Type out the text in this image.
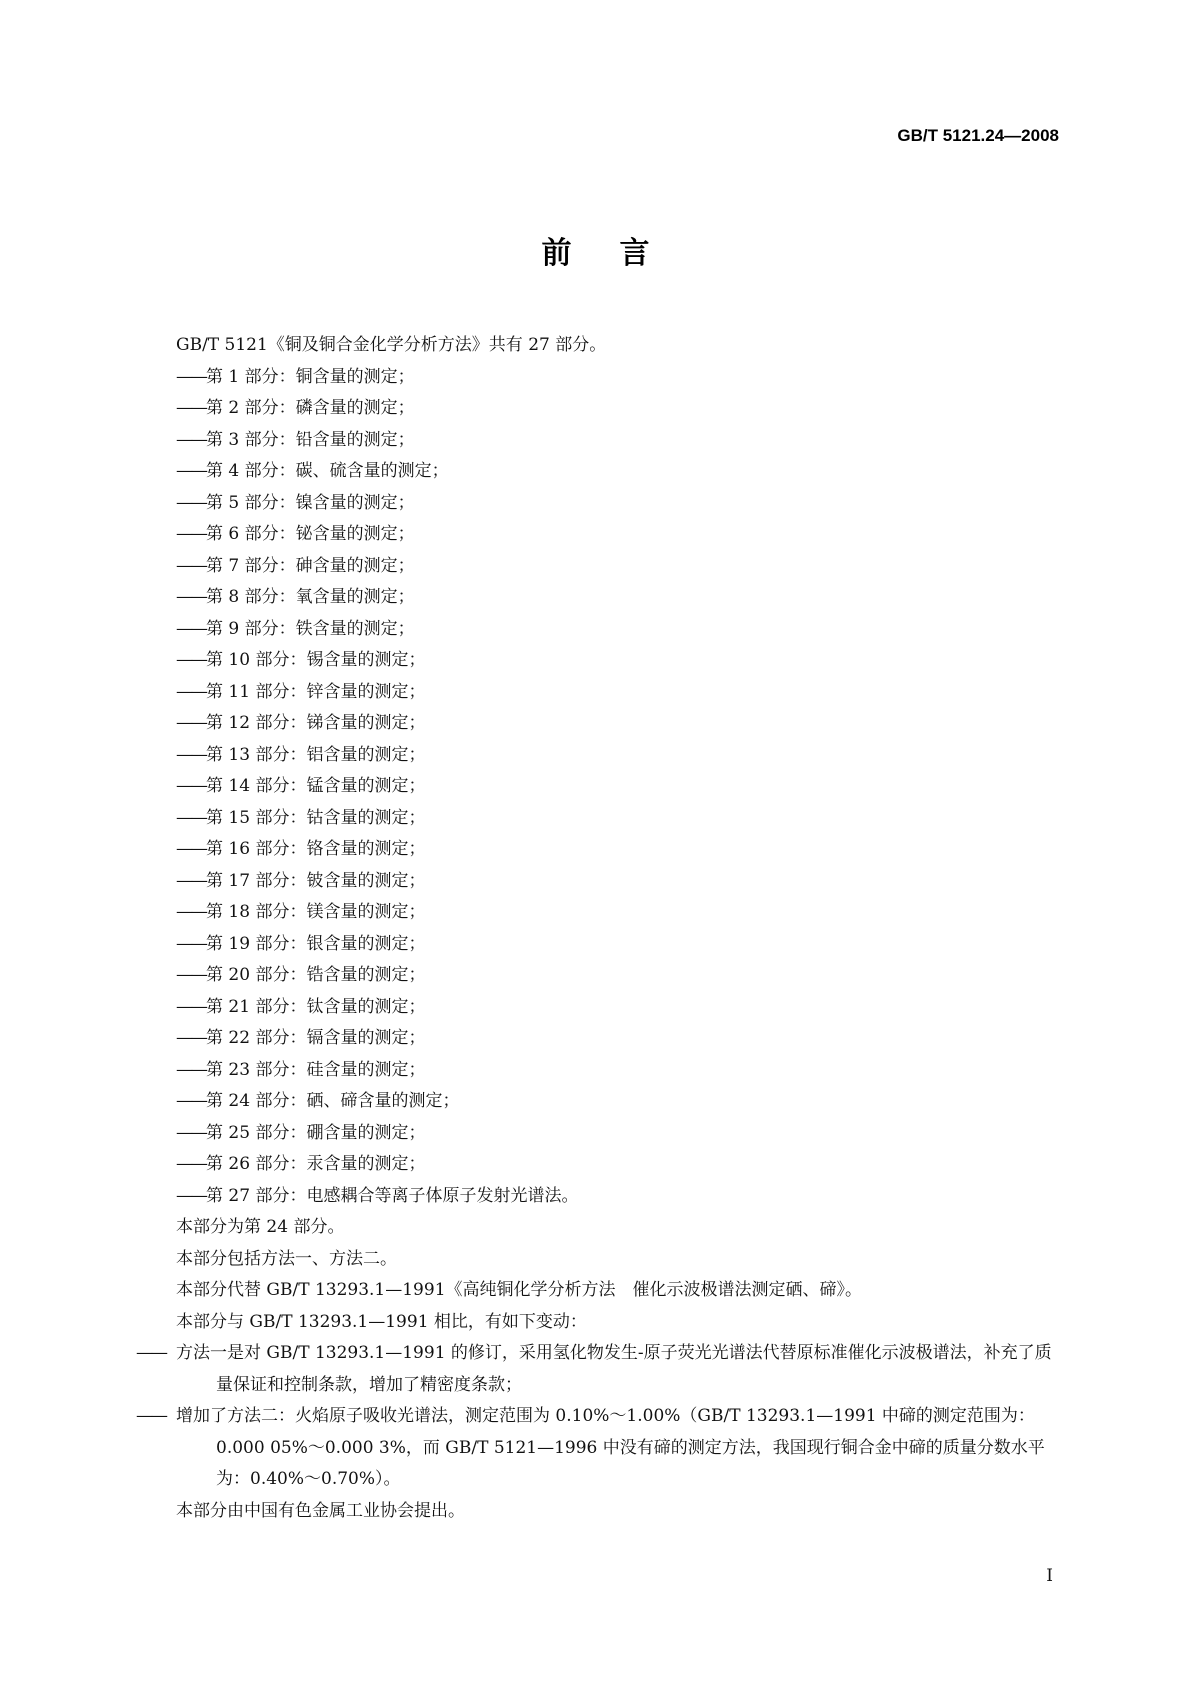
GB/T 5121.24—2008
前言
GB/T 5121《铜及铜合金化学分析方法》共有 27 部分。
——第 1 部分：铜含量的测定；
——第 2 部分：磷含量的测定；
——第 3 部分：铅含量的测定；
——第 4 部分：碳、硫含量的测定；
——第 5 部分：镍含量的测定；
——第 6 部分：铋含量的测定；
——第 7 部分：砷含量的测定；
——第 8 部分：氧含量的测定；
——第 9 部分：铁含量的测定；
——第 10 部分：锡含量的测定；
——第 11 部分：锌含量的测定；
——第 12 部分：锑含量的测定；
——第 13 部分：铝含量的测定；
——第 14 部分：锰含量的测定；
——第 15 部分：钴含量的测定；
——第 16 部分：铬含量的测定；
——第 17 部分：铍含量的测定；
——第 18 部分：镁含量的测定；
——第 19 部分：银含量的测定；
——第 20 部分：锆含量的测定；
——第 21 部分：钛含量的测定；
——第 22 部分：镉含量的测定；
——第 23 部分：硅含量的测定；
——第 24 部分：硒、碲含量的测定；
——第 25 部分：硼含量的测定；
——第 26 部分：汞含量的测定；
——第 27 部分：电感耦合等离子体原子发射光谱法。
本部分为第 24 部分。
本部分包括方法一、方法二。
本部分代替 GB/T 13293.1—1991《高纯铜化学分析方法　催化示波极谱法测定硒、碲》。
本部分与 GB/T 13293.1—1991 相比，有如下变动：
—— 方法一是对 GB/T 13293.1—1991 的修订，采用氢化物发生-原子荧光光谱法代替原标准催化示波极谱法，补充了质量保证和控制条款，增加了精密度条款；
—— 增加了方法二：火焰原子吸收光谱法，测定范围为 0.10%～1.00%（GB/T 13293.1—1991 中碲的测定范围为：0.000 05%～0.000 3%，而 GB/T 5121—1996 中没有碲的测定方法，我国现行铜合金中碲的质量分数水平为：0.40%～0.70%）。
本部分由中国有色金属工业协会提出。
I
